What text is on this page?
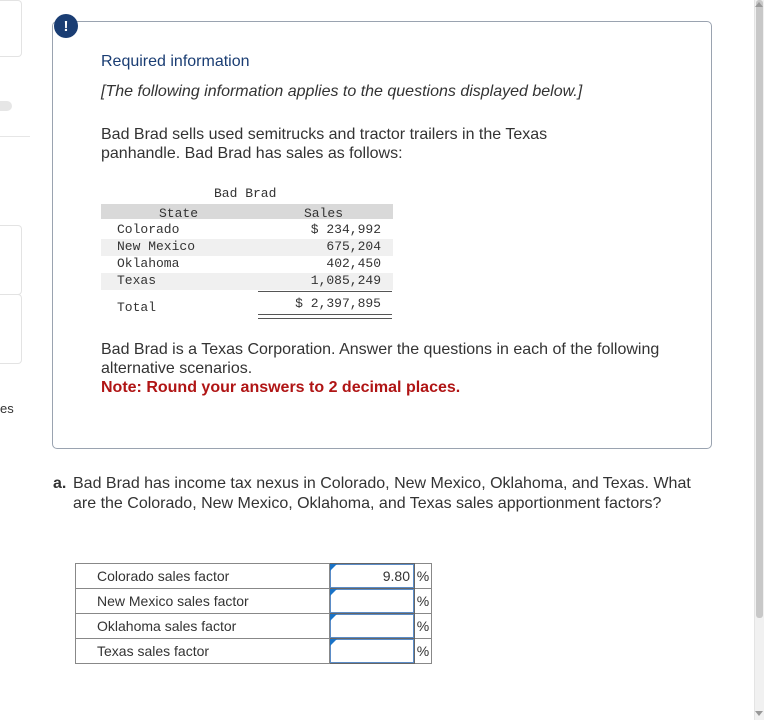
es
Required information
[The following information applies to the questions displayed below.]
Bad Brad sells used semitrucks and tractor trailers in the Texas panhandle. Bad Brad has sales as follows:
Bad Brad
State	Sales
Colorado	$ 234,992
New Mexico	675,204
Oklahoma	402,450
Texas	1,085,249
Total	$ 2,397,895
Bad Brad is a Texas Corporation. Answer the questions in each of the following alternative scenarios.
Note: Round your answers to 2 decimal places.
!
a. Bad Brad has income tax nexus in Colorado, New Mexico, Oklahoma, and Texas. What are the Colorado, New Mexico, Oklahoma, and Texas sales apportionment factors?
Colorado sales factor	9.80	%
New Mexico sales factor		%
Oklahoma sales factor		%
Texas sales factor		%
